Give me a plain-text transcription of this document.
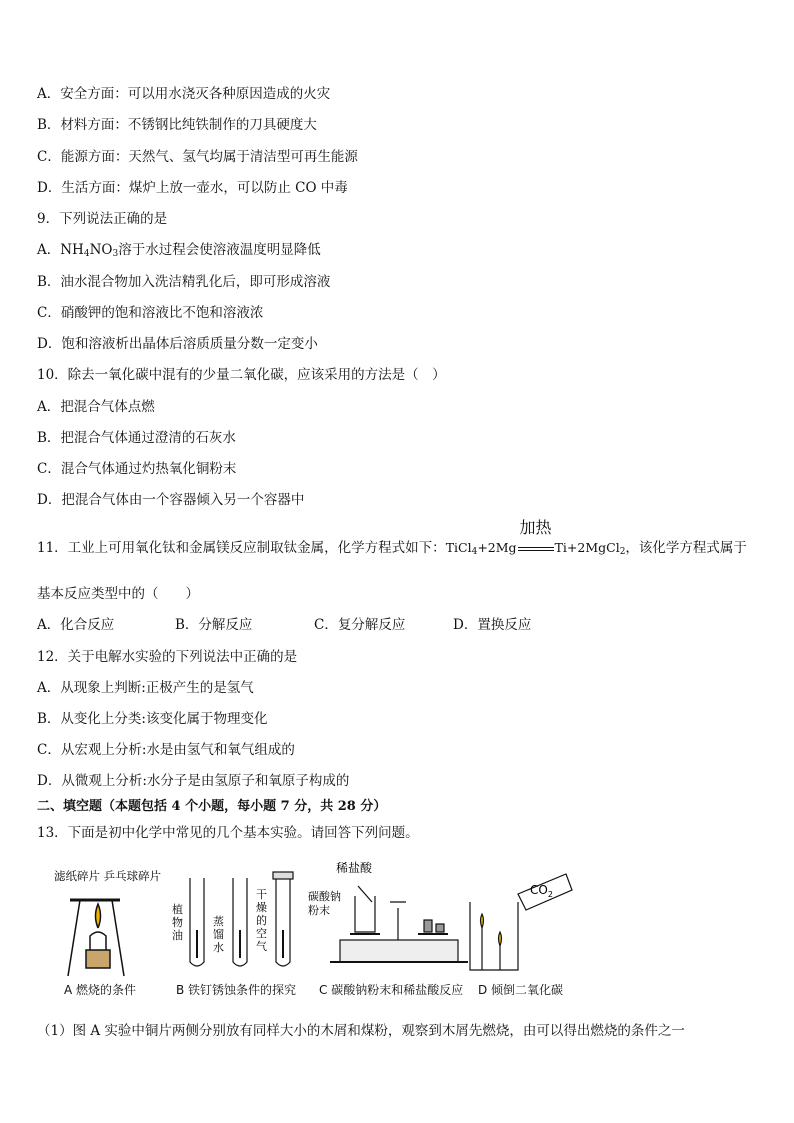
A．安全方面：可以用水浇灭各种原因造成的火灾
B．材料方面：不锈钢比纯铁制作的刀具硬度大
C．能源方面：天然气、氢气均属于清洁型可再生能源
D．生活方面：煤炉上放一壶水，可以防止 CO 中毒
9．下列说法正确的是
A．$NH_4NO_3$溶于水过程会使溶液温度明显降低
B．油水混合物加入洗洁精乳化后，即可形成溶液
C．硝酸钾的饱和溶液比不饱和溶液浓
D．饱和溶液析出晶体后溶质质量分数一定变小
10．除去一氧化碳中混有的少量二氧化碳，应该采用的方法是（　）
A．把混合气体点燃
B．把混合气体通过澄清的石灰水
C．混合气体通过灼热氧化铜粉末
D．把混合气体由一个容器倾入另一个容器中
11．工业上可用氧化钛和金属镁反应制取钛金属，化学方程式如下：TiCl$_4$+2Mg
加热
Ti+2MgCl$_2$，该化学方程式属于
基本反应类型中的（　　）
A．化合反应	B．分解反应	C．复分解反应	D．置换反应
12．关于电解水实验的下列说法中正确的是
A．从现象上判断:正极产生的是氢气
B．从变化上分类:该变化属于物理变化
C．从宏观上分析:水是由氢气和氧气组成的
D．从微观上分析:水分子是由氢原子和氧原子构成的
二、填空题（本题包括 4 个小题，每小题 7 分，共 28 分）
13．下面是初中化学中常见的几个基本实验。请回答下列问题。
滤纸碎片 乒乓球碎片
植物油
蒸馏水
干燥的空气
稀盐酸
碳酸钠粉末
$CO_2$
A 燃烧的条件	B 铁钉锈蚀条件的探究 C 碳酸钠粉末和稀盐酸反应 D 倾倒二氧化碳
（1）图 A 实验中铜片两侧分别放有同样大小的木屑和煤粉，观察到木屑先燃烧，由可以得出燃烧的条件之一
